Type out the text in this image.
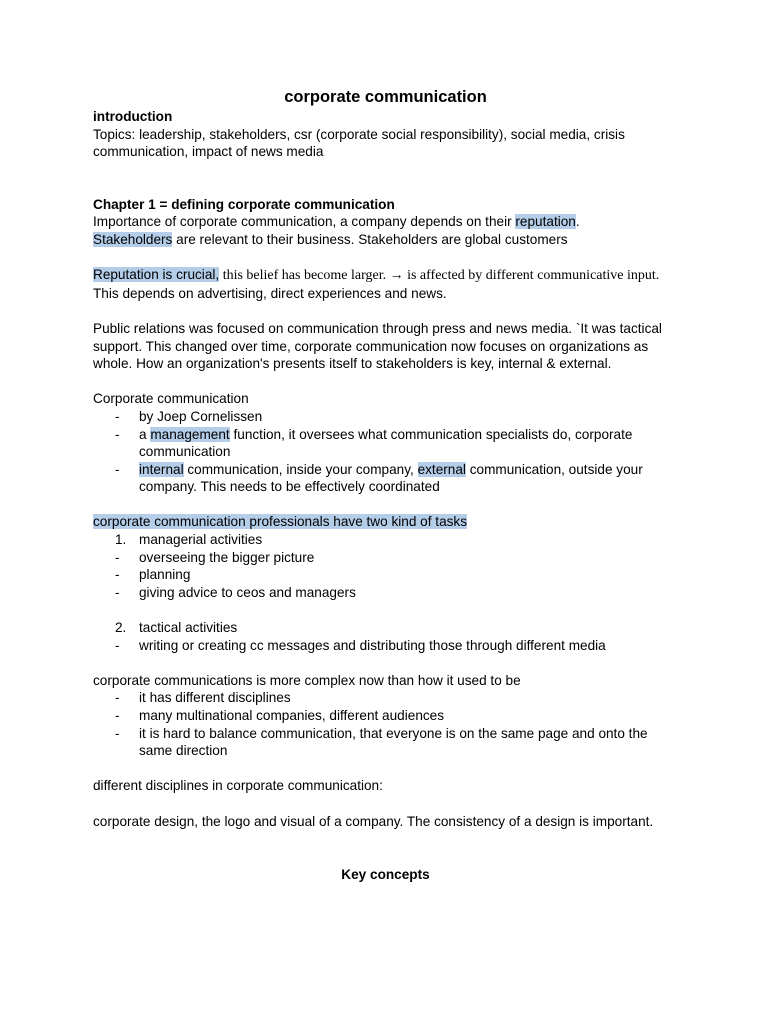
corporate communication

introduction

Topics: leadership, stakeholders, csr (corporate social responsibility), social media, crisis communication, impact of news media

Chapter 1 = defining corporate communication

Importance of corporate communication, a company depends on their reputation.

Stakeholders are relevant to their business. Stakeholders are global customers

Reputation is crucial, this belief has become larger. → is affected by different communicative input.

This depends on advertising, direct experiences and news.

Public relations was focused on communication through press and news media. `It was tactical support. This changed over time, corporate communication now focuses on organizations as whole. How an organization's presents itself to stakeholders is key, internal & external.

Corporate communication

- by Joep Cornelissen
- a management function, it oversees what communication specialists do, corporate communication
- internal communication, inside your company, external communication, outside your company. This needs to be effectively coordinated

corporate communication professionals have two kind of tasks

1. managerial activities
- overseeing the bigger picture
- planning
- giving advice to ceos and managers
2. tactical activities
- writing or creating cc messages and distributing those through different media

corporate communications is more complex now than how it used to be

- it has different disciplines
- many multinational companies, different audiences
- it is hard to balance communication, that everyone is on the same page and onto the same direction

different disciplines in corporate communication:

corporate design, the logo and visual of a company. The consistency of a design is important.

Key concepts
